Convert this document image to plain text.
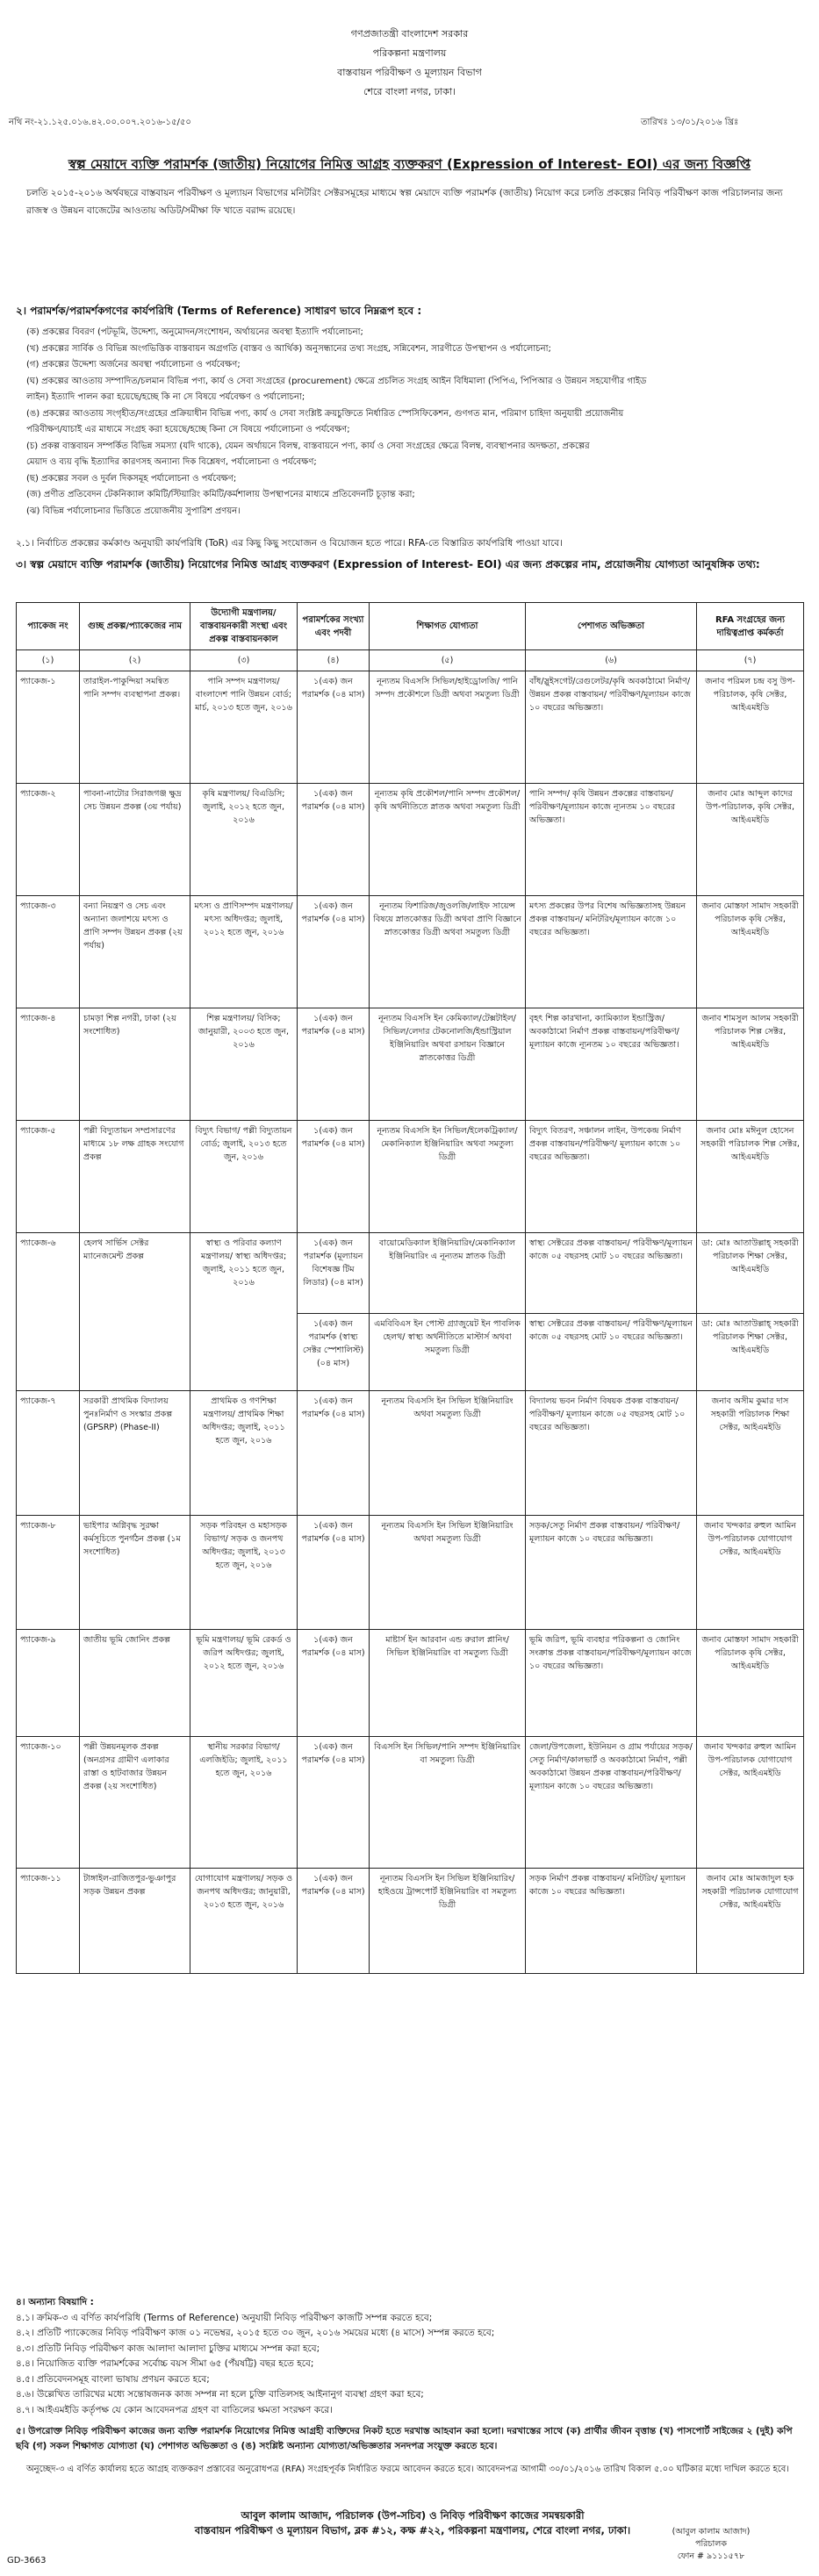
গণপ্রজাতন্ত্রী বাংলাদেশ সরকার
পরিকল্পনা মন্ত্রণালয়
বাস্তবায়ন পরিবীক্ষণ ও মূল্যায়ন বিভাগ
শেরে বাংলা নগর, ঢাকা।
নথি নং-২১.১২৫.০১৬.৪২.০০.০০৭.২০১৬-১৫/৫০	তারিখঃ ১৩/০১/২০১৬ খ্রিঃ
স্বল্প মেয়াদে ব্যক্তি পরামর্শক (জাতীয়) নিয়োগের নিমিত্ত আগ্রহ ব্যক্তকরণ (Expression of Interest- EOI) এর জন্য বিজ্ঞপ্তি
চলতি ২০১৫-২০১৬ অর্থবছরে বাস্তবায়ন পরিবীক্ষণ ও মূল্যায়ন বিভাগের মনিটরিং সেক্টরসমূহের মাধ্যমে স্বল্প মেয়াদে ব্যক্তি পরামর্শক (জাতীয়) নিয়োগ করে চলতি প্রকল্পের নিবিড় পরিবীক্ষণ কাজ পরিচালনার জন্য রাজস্ব ও উন্নয়ন বাজেটের আওতায় অডিট/সমীক্ষা ফি খাতে বরাদ্দ রয়েছে।
২। পরামর্শক/পরামর্শকগণের কার্যপরিধি (Terms of Reference) সাধারণ ভাবে নিম্নরূপ হবে :
(ক) প্রকল্পের বিবরণ (পটভূমি, উদ্দেশ্য, অনুমোদন/সংশোধন, অর্থায়নের অবস্থা ইত্যাদি পর্যালোচনা;
(খ) প্রকল্পের সার্বিক ও বিভিন্ন অংগভিত্তিক বাস্তবায়ন অগ্রগতি (বাস্তব ও আর্থিক) অনুসন্ধানের তথ্য সংগ্রহ, সন্নিবেশন, সারণীতে উপস্থাপন ও পর্যালোচনা;
(গ) প্রকল্পের উদ্দেশ্য অর্জনের অবস্থা পর্যালোচনা ও পর্যবেক্ষণ;
(ঘ) প্রকল্পের আওতায় সম্পাদিত/চলমান বিভিন্ন পণ্য, কার্য ও সেবা সংগ্রহের (procurement) ক্ষেত্রে প্রচলিত সংগ্রহ আইন বিধিমালা (পিপিএ, পিপিআর ও উন্নয়ন সহযোগীর গাইড
লাইন) ইত্যাদি পালন করা হয়েছে/হচ্ছে কি না সে বিষয়ে পর্যবেক্ষণ ও পর্যালোচনা;
(ঙ) প্রকল্পের আওতায় সংগৃহীত/সংগ্রহের প্রক্রিয়াধীন বিভিন্ন পণ্য, কার্য ও সেবা সংশ্লিষ্ট ক্রয়চুক্তিতে নির্ধারিত স্পেসিফিকেশন, গুণগত মান, পরিমাণ চাহিদা অনুযায়ী প্রয়োজনীয়
পরিবীক্ষণ/যাচাই এর মাধ্যমে সংগ্রহ করা হয়েছে/হচ্ছে কিনা সে বিষয়ে পর্যালোচনা ও পর্যবেক্ষণ;
(চ) প্রকল্প বাস্তবায়ন সম্পর্কিত বিভিন্ন সমস্যা (যদি থাকে), যেমন অর্থায়নে বিলম্ব, বাস্তবায়নে পণ্য, কার্য ও সেবা সংগ্রহের ক্ষেত্রে বিলম্ব, ব্যবস্থাপনার অদক্ষতা, প্রকল্পের
মেয়াদ ও ব্যয় বৃদ্ধি ইত্যাদির কারণসহ অন্যান্য দিক বিশ্লেষণ, পর্যালোচনা ও পর্যবেক্ষণ;
(ছ) প্রকল্পের সবল ও দুর্বল দিকসমূহ পর্যালোচনা ও পর্যবেক্ষণ;
(জ) প্রণীত প্রতিবেদন টেকনিক্যাল কমিটি/স্টিয়ারিং কমিটি/কর্মশালায় উপস্থাপনের মাধ্যমে প্রতিবেদনটি চূড়ান্ত করা;
(ঝ) বিভিন্ন পর্যালোচনার ভিত্তিতে প্রয়োজনীয় সুপারিশ প্রণয়ন।
২.১। নির্বাচিত প্রকল্পের কর্মকাণ্ড অনুযায়ী কার্যপরিধি (ToR) এর কিছু কিছু সংযোজন ও বিয়োজন হতে পারে। RFA-তে বিস্তারিত কার্যপরিধি পাওয়া যাবে।
৩। স্বল্প মেয়াদে ব্যক্তি পরামর্শক (জাতীয়) নিয়োগের নিমিত্ত আগ্রহ ব্যক্তকরণ (Expression of Interest- EOI) এর জন্য প্রকল্পের নাম, প্রয়োজনীয় যোগ্যতা আনুষঙ্গিক তথ্য:
প্যাকেজ নং	গুচ্ছ প্রকল্প/প্যাকেজের নাম	উদ্যোগী মন্ত্রণালয়/ বাস্তবায়নকারী সংস্থা এবং প্রকল্প বাস্তবায়নকাল	পরামর্শকের সংখ্যা এবং পদবী	শিক্ষাগত যোগ্যতা	পেশাগত অভিজ্ঞতা	RFA সংগ্রহের জন্য দায়িত্বপ্রাপ্ত কর্মকর্তা
(১)	(২)	(৩)	(৪)	(৫)	(৬)	(৭)
প্যাকেজ-১	তারাইল-পাকুন্দিয়া সমন্বিত পানি সম্পদ ব্যবস্থাপনা প্রকল্প।	পানি সম্পদ মন্ত্রণালয়/ বাংলাদেশ পানি উন্নয়ন বোর্ড; মার্চ, ২০১৩ হতে জুন, ২০১৬	১(এক) জন পরামর্শক (০৪ মাস)	নূন্যতম বিএসসি সিভিল/হাইড্রোলজি/ পানি সম্পদ প্রকৌশলে ডিগ্রী অথবা সমতুল্য ডিগ্রী	বাঁধ/স্লুইসগেট/রেগুলেটর/কৃষি অবকাঠামো নির্মাণ/উন্নয়ন প্রকল্প বাস্তবায়ন/ পরিবীক্ষণ/মূল্যায়ন কাজে ১০ বছরের অভিজ্ঞতা।	জনাব পরিমল চন্দ্র বসু উপ-পরিচালক, কৃষি সেক্টর, আইএমইডি
প্যাকেজ-২	পাবনা-নাটোর সিরাজগঞ্জ ক্ষুদ্র সেচ উন্নয়ন প্রকল্প (৩য় পর্যায়)	কৃষি মন্ত্রণালয়/ বিএডিসি; জুলাই, ২০১২ হতে জুন, ২০১৬	১(এক) জন পরামর্শক (০৪ মাস)	নূন্যতম কৃষি প্রকৌশল/পানি সম্পদ প্রকৌশল/কৃষি অর্থনীতিতে স্নাতক অথবা সমতুল্য ডিগ্রী	পানি সম্পদ/ কৃষি উন্নয়ন প্রকল্পের বাস্তবায়ন/ পরিবীক্ষণ/মূল্যায়ন কাজে ন্যূনতম ১০ বছরের অভিজ্ঞতা।	জনাব মোঃ আব্দুল কাদের উপ-পরিচালক, কৃষি সেক্টর, আইএমইডি
প্যাকেজ-৩	বন্যা নিয়ন্ত্রণ ও সেচ এবং অন্যান্য জলাশয়ে মৎস্য ও প্রাণি সম্পদ উন্নয়ন প্রকল্প (২য় পর্যায়)	মৎস্য ও প্রাণিসম্পদ মন্ত্রণালয়/ মৎস্য অধিদপ্তর; জুলাই, ২০১২ হতে জুন, ২০১৬	১(এক) জন পরামর্শক (০৪ মাস)	নূন্যতম ফিশারিজ/জুওলজি/লাইফ সায়েন্স বিষয়ে স্নাতকোত্তর ডিগ্রী অথবা প্রাণি বিজ্ঞানে স্নাতকোত্তর ডিগ্রী অথবা সমতুল্য ডিগ্রী	মৎস্য প্রকল্পের উপর বিশেষ অভিজ্ঞতাসহ উন্নয়ন প্রকল্প বাস্তবায়ন/ মনিটরিং/মূল্যায়ন কাজে ১০ বছরের অভিজ্ঞতা।	জনাব মোস্তফা সামাদ সহকারী পরিচালক কৃষি সেক্টর, আইএমইডি
প্যাকেজ-৪	চামড়া শিল্প নগরী, ঢাকা (২য় সংশোধিত)	শিল্প মন্ত্রণালয়/ বিসিক; জানুয়ারী, ২০০৩ হতে জুন, ২০১৬	১(এক) জন পরামর্শক (০৪ মাস)	নূন্যতম বিএসসি ইন কেমিক্যাল/টেক্সটাইল/সিভিল/লেদার টেকনোলজি/ইন্ডাস্ট্রিয়াল ইঞ্জিনিয়ারিং অথবা রসায়ন বিজ্ঞানে স্নাতকোত্তর ডিগ্রী	বৃহৎ শিল্প কারখানা, ক্যামিক্যাল ইন্ডাস্ট্রিজ/অবকাঠামো নির্মাণ প্রকল্প বাস্তবায়ন/পরিবীক্ষণ/মূল্যায়ন কাজে ন্যূনতম ১০ বছরের অভিজ্ঞতা।	জনাব শামসুল আলম সহকারী পরিচালক শিল্প সেক্টর, আইএমইডি
প্যাকেজ-৫	পল্লী বিদ্যুতায়ন সম্প্রসারণের মাধ্যমে ১৮ লক্ষ গ্রাহক সংযোগ প্রকল্প	বিদ্যুৎ বিভাগ/ পল্লী বিদ্যুতায়ন বোর্ড; জুলাই, ২০১৩ হতে জুন, ২০১৬	১(এক) জন পরামর্শক (০৪ মাস)	নূন্যতম বিএসসি ইন সিভিল/ইলেকট্রিক্যাল/মেকানিক্যাল ইঞ্জিনিয়ারিং অথবা সমতুল্য ডিগ্রী	বিদ্যুৎ বিতরণ, সঞ্চালন লাইন, উপকেন্দ্র নির্মাণ প্রকল্প বাস্তবায়ন/পরিবীক্ষণ/ মূল্যায়ন কাজে ১০ বছরের অভিজ্ঞতা।	জনাব মোঃ মঈনুল হোসেন সহকারী পরিচালক শিল্প সেক্টর, আইএমইডি
প্যাকেজ-৬	হেলথ সার্ভিস সেক্টর ম্যানেজমেন্ট প্রকল্প	স্বাস্থ্য ও পরিবার কল্যাণ মন্ত্রণালয়/ স্বাস্থ্য অধিদপ্তর; জুলাই, ২০১১ হতে জুন, ২০১৬	১(এক) জন পরামর্শক (মূল্যায়ন বিশেষজ্ঞ টিম লিডার) (০৪ মাস)	বায়োমেডিক্যাল ইঞ্জিনিয়ারিং/মেকানিক্যাল ইঞ্জিনিয়ারিং এ নূন্যতম স্নাতক ডিগ্রী	স্বাস্থ্য সেক্টরের প্রকল্প বাস্তবায়ন/ পরিবীক্ষণ/মূল্যায়ন কাজে ০৫ বছরসহ মোট ১০ বছরের অভিজ্ঞতা।	ডা: মোঃ আতাউল্লাহ্ সহকারী পরিচালক শিক্ষা সেক্টর, আইএমইডি
			১(এক) জন পরামর্শক (স্বাস্থ্য সেক্টর স্পেশালিস্ট) (০৪ মাস)	এমবিবিএস ইন পোস্ট গ্র্যাজুয়েট ইন পাবলিক হেলথ/ স্বাস্থ্য অর্থনীতিতে মাস্টার্স অথবা সমতুল্য ডিগ্রী	স্বাস্থ্য সেক্টরের প্রকল্প বাস্তবায়ন/ পরিবীক্ষণ/মূল্যায়ন কাজে ০৫ বছরসহ মোট ১০ বছরের অভিজ্ঞতা।	ডা: মোঃ আতাউল্লাহ্ সহকারী পরিচালক শিক্ষা সেক্টর, আইএমইডি
প্যাকেজ-৭	সরকারী প্রাথমিক বিদ্যালয় পুনঃনির্মাণ ও সংস্কার প্রকল্প (GPSRP) (Phase-II)	প্রাথমিক ও গণশিক্ষা মন্ত্রণালয়/ প্রাথমিক শিক্ষা অধিদপ্তর; জুলাই, ২০১১ হতে জুন, ২০১৬	১(এক) জন পরামর্শক (০৪ মাস)	নূন্যতম বিএসসি ইন সিভিল ইঞ্জিনিয়ারিং অথবা সমতুল্য ডিগ্রী	বিদ্যালয় ভবন নির্মাণ বিষয়ক প্রকল্প বাস্তবায়ন/ পরিবীক্ষণ/ মূল্যায়ন কাজে ০৫ বছরসহ মোট ১০ বছরের অভিজ্ঞতা।	জনাব অসীম কুমার দাস সহকারী পরিচালক শিক্ষা সেক্টর, আইএমইডি
প্যাকেজ-৮	ভাইপার অগ্নিবৃদ্ধ সুরক্ষা কর্মসূচিতে পুনর্গঠন প্রকল্প (১ম সংশোধিত)	সড়ক পরিবহন ও মহাসড়ক বিভাগ/ সড়ক ও জনপথ অধিদপ্তর; জুলাই, ২০১৩ হতে জুন, ২০১৬	১(এক) জন পরামর্শক (০৪ মাস)	নূন্যতম বিএসসি ইন সিভিল ইঞ্জিনিয়ারিং অথবা সমতুল্য ডিগ্রী	সড়ক/সেতু নির্মাণ প্রকল্প বাস্তবায়ন/ পরিবীক্ষণ/মূল্যায়ন কাজে ১০ বছরের অভিজ্ঞতা।	জনাব খন্দকার রুহুল আমিন উপ-পরিচালক যোগাযোগ সেক্টর, আইএমইডি
প্যাকেজ-৯	জাতীয় ভূমি জোনিং প্রকল্প	ভূমি মন্ত্রণালয়/ ভূমি রেকর্ড ও জরিপ অধিদপ্তর; জুলাই, ২০১২ হতে জুন, ২০১৬	১(এক) জন পরামর্শক (০৪ মাস)	মাষ্টার্স ইন আরবান এন্ড রুরাল প্লানিং/ সিভিল ইঞ্জিনিয়ারিং বা সমতুল্য ডিগ্রী	ভূমি জরিপ, ভূমি ব্যবহার পরিকল্পনা ও জোনিং সংক্রান্ত প্রকল্প বাস্তবায়ন/পরিবীক্ষণ/মূল্যায়ন কাজে ১০ বছরের অভিজ্ঞতা।	জনাব মোস্তফা সামাদ সহকারী পরিচালক কৃষি সেক্টর, আইএমইডি
প্যাকেজ-১০	পল্লী উন্নয়নমূলক প্রকল্প (অনগ্রসর গ্রামীণ এলাকার রাস্তা ও হাটবাজার উন্নয়ন প্রকল্প (২য় সংশোধিত)	স্থানীয় সরকার বিভাগ/ এলজিইডি; জুলাই, ২০১১ হতে জুন, ২০১৬	১(এক) জন পরামর্শক (০৪ মাস)	বিএসসি ইন সিভিল/পানি সম্পদ ইঞ্জিনিয়ারিং বা সমতুল্য ডিগ্রী	জেলা/উপজেলা, ইউনিয়ন ও গ্রাম পর্যায়ের সড়ক/সেতু নির্মাণ/কালভার্ট ও অবকাঠামো নির্মাণ, পল্লী অবকাঠামো উন্নয়ন প্রকল্প বাস্তবায়ন/পরিবীক্ষণ/মূল্যায়ন কাজে ১০ বছরের অভিজ্ঞতা।	জনাব খন্দকার রুহুল আমিন উপ-পরিচালক যোগাযোগ সেক্টর, আইএমইডি
প্যাকেজ-১১	টাঙ্গাইল-রাজিতপুর-ভুঞাপুর সড়ক উন্নয়ন প্রকল্প	যোগাযোগ মন্ত্রণালয়/ সড়ক ও জনপথ অধিদপ্তর; জানুয়ারী, ২০১৩ হতে জুন, ২০১৬	১(এক) জন পরামর্শক (০৪ মাস)	নূন্যতম বিএসসি ইন সিভিল ইঞ্জিনিয়ারিং/হাইওয়ে ট্রান্সপোর্ট ইঞ্জিনিয়ারিং বা সমতুল্য ডিগ্রী	সড়ক নির্মাণ প্রকল্প বাস্তবায়ন/ মনিটরিং/ মূল্যায়ন কাজে ১০ বছরের অভিজ্ঞতা।	জনাব মোঃ আমজাদুল হক সহকারী পরিচালক যোগাযোগ সেক্টর, আইএমইডি
৪। অন্যান্য বিষয়াদি :
৪.১। ক্রমিক-৩ এ বর্ণিত কার্যপরিধি (Terms of Reference) অনুযায়ী নিবিড় পরিবীক্ষণ কাজটি সম্পন্ন করতে হবে;
৪.২। প্রতিটি প্যাকেজের নিবিড় পরিবীক্ষণ কাজ ০১ নভেম্বর, ২০১৫ হতে ৩০ জুন, ২০১৬ সময়ের মধ্যে (৪ মাসে) সম্পন্ন করতে হবে;
৪.৩। প্রতিটি নিবিড় পরিবীক্ষণ কাজ আলাদা আলাদা চুক্তির মাধ্যমে সম্পন্ন করা হবে;
৪.৪। নিয়োজিত ব্যক্তি পরামর্শকের সর্বোচ্চ বয়স সীমা ৬৫ (পঁয়ষট্টি) বছর হতে হবে;
৪.৫। প্রতিবেদনসমূহ বাংলা ভাষায় প্রণয়ন করতে হবে;
৪.৬। উল্লেখিত তারিখের মধ্যে সন্তোষজনক কাজ সম্পন্ন না হলে চুক্তি বাতিলসহ আইনানুগ ব্যবস্থা গ্রহণ করা হবে;
৪.৭। আইএমইডি কর্তৃপক্ষ যে কোন আবেদনপত্র গ্রহণ বা বাতিলের ক্ষমতা সংরক্ষণ করে।
৫। উপরোক্ত নিবিড় পরিবীক্ষণ কাজের জন্য ব্যক্তি পরামর্শক নিয়োগের নিমিত্ত আগ্রহী ব্যক্তিদের নিকট হতে দরখাস্ত আহবান করা হলো। দরখাস্তের সাথে (ক) প্রার্থীর জীবন বৃত্তান্ত (খ) পাসপোর্ট সাইজের ২ (দুই) কপি ছবি (গ) সকল শিক্ষাগত যোগ্যতা (ঘ) পেশাগত অভিজ্ঞতা ও (ঙ) সংশ্লিষ্ট অন্যান্য যোগ্যতা/অভিজ্ঞতার সনদপত্র সংযুক্ত করতে হবে।
অনুচ্ছেদ-৩ এ বর্ণিত কার্যালয় হতে আগ্রহ ব্যক্তকরণ প্রস্তাবের অনুরোধপত্র (RFA) সংগ্রহপূর্বক নির্ধারিত ফরমে আবেদন করতে হবে। আবেদনপত্র আগামী ৩০/০১/২০১৬ তারিখ বিকাল ৫.০০ ঘটিকার মধ্যে দাখিল করতে হবে।
আবুল কালাম আজাদ, পরিচালক (উপ-সচিব) ও নিবিড় পরিবীক্ষণ কাজের সমন্বয়কারী
বাস্তবায়ন পরিবীক্ষণ ও মূল্যায়ন বিভাগ, ব্লক #১২, কক্ষ #২২, পরিকল্পনা মন্ত্রণালয়, শেরে বাংলা নগর, ঢাকা।	(আবুল কালাম আজাদ)
পরিচালক
ফোন # ৯১১১৫৭৮
GD-3663
